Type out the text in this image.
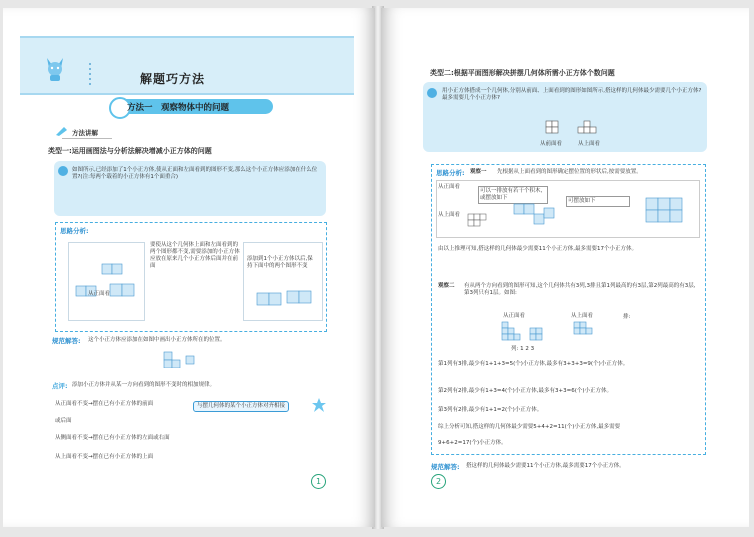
解题巧方法
方法一　 观察物体中的问题
方法讲解
类型一:运用画图法与分析法解决增减小正方体的问题
如图所示,已经添加了1个小正方体,使从正面和左面看到的图形不变,那么这个小正方体应添加在什么位置?(注:每两个载着的小正方体有1个面重合)
思路分析:
从正面看
要使从这个几何体上面和左面看到的两个图形都不变,需要添加的小正方体应放在原来几个小正方体后面并在前面
添加到1个小正方体以后,保持下面中的两个图形不变
规范解答: 这个小正方体应添加在如图中画出小正方体所在的位置。
点评: 添加小正方体并从某一方向看到的图形不变时的相加规律。
从正面看不变→摆在已有小正方体的前面	与摆几何体的某个小正方体对齐相接
或后面
从侧面看不变→摆在已有小正方体的左面或右面
从上面看不变→摆在已有小正方体的上面
1
类型二:根据平面图形解决拼摆几何体所需小正方体个数问题
用小正方体搭成一个几何体,分别从前面、上面看到的图形如图所示,搭这样的几何体最少需要几个小正方体?最多需要几个小正方体?
从前面看	从上面看
思路分析: 观察一 先根据从上面看到的图形确定摆位置的形状后,按需要放置。
从正面看
从上面看
可以一排放有若干个积木,或摆放如下	可摆放如下
由以上推理可知,搭这样的几何体最少需要11个小正方体,最多需要17个小正方体。
观察二 有从两个方向看到的图形可知,这个几何体共有3列,3排且第1列最高的有3层,第2列最高的有3层,第3列只有1层。如图:
从正面看	从上面看	排:
列: 1 2 3
第1列有3排,最少有1+1+3=5(个)小正方体,最多有3+3+3=9(个)小正方体。
第2列有2排,最少有1+3=4(个)小正方体,最多有3+3=6(个)小正方体。
第3列有2排,最少有1+1=2(个)小正方体。
综上分析可知,搭这样的几何体最少需要5+4+2=11(个)小正方体,最多需要
9+6+2=17(个)小正方体。
规范解答: 搭这样的几何体最少需要11个小正方体,最多需要17个小正方体。
2
